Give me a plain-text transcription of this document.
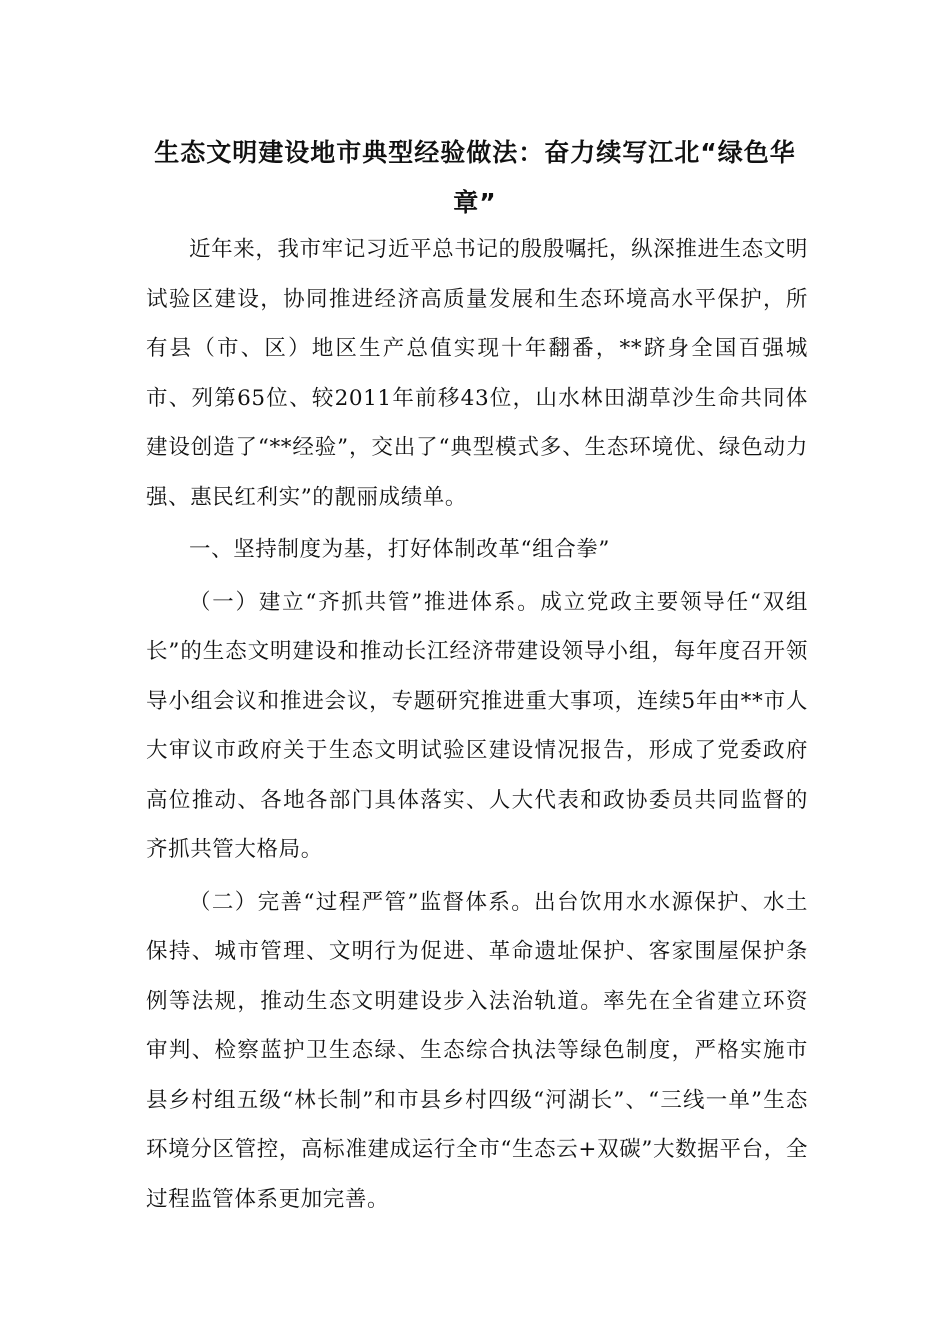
生态文明建设地市典型经验做法：奋力续写江北“绿色华章”

近年来，我市牢记习近平总书记的殷殷嘱托，纵深推进生态文明试验区建设，协同推进经济高质量发展和生态环境高水平保护，所有县（市、区）地区生产总值实现十年翻番，**跻身全国百强城市、列第65位、较2011年前移43位，山水林田湖草沙生命共同体建设创造了“**经验”，交出了“典型模式多、生态环境优、绿色动力强、惠民红利实”的靓丽成绩单。

一、坚持制度为基，打好体制改革“组合拳”

（一）建立“齐抓共管”推进体系。成立党政主要领导任“双组长”的生态文明建设和推动长江经济带建设领导小组，每年度召开领导小组会议和推进会议，专题研究推进重大事项，连续5年由**市人大审议市政府关于生态文明试验区建设情况报告，形成了党委政府高位推动、各地各部门具体落实、人大代表和政协委员共同监督的齐抓共管大格局。

（二）完善“过程严管”监督体系。出台饮用水水源保护、水土保持、城市管理、文明行为促进、革命遗址保护、客家围屋保护条例等法规，推动生态文明建设步入法治轨道。率先在全省建立环资审判、检察蓝护卫生态绿、生态综合执法等绿色制度，严格实施市县乡村组五级“林长制”和市县乡村四级“河湖长”、“三线一单”生态环境分区管控，高标准建成运行全市“生态云+双碳”大数据平台，全过程监管体系更加完善。
